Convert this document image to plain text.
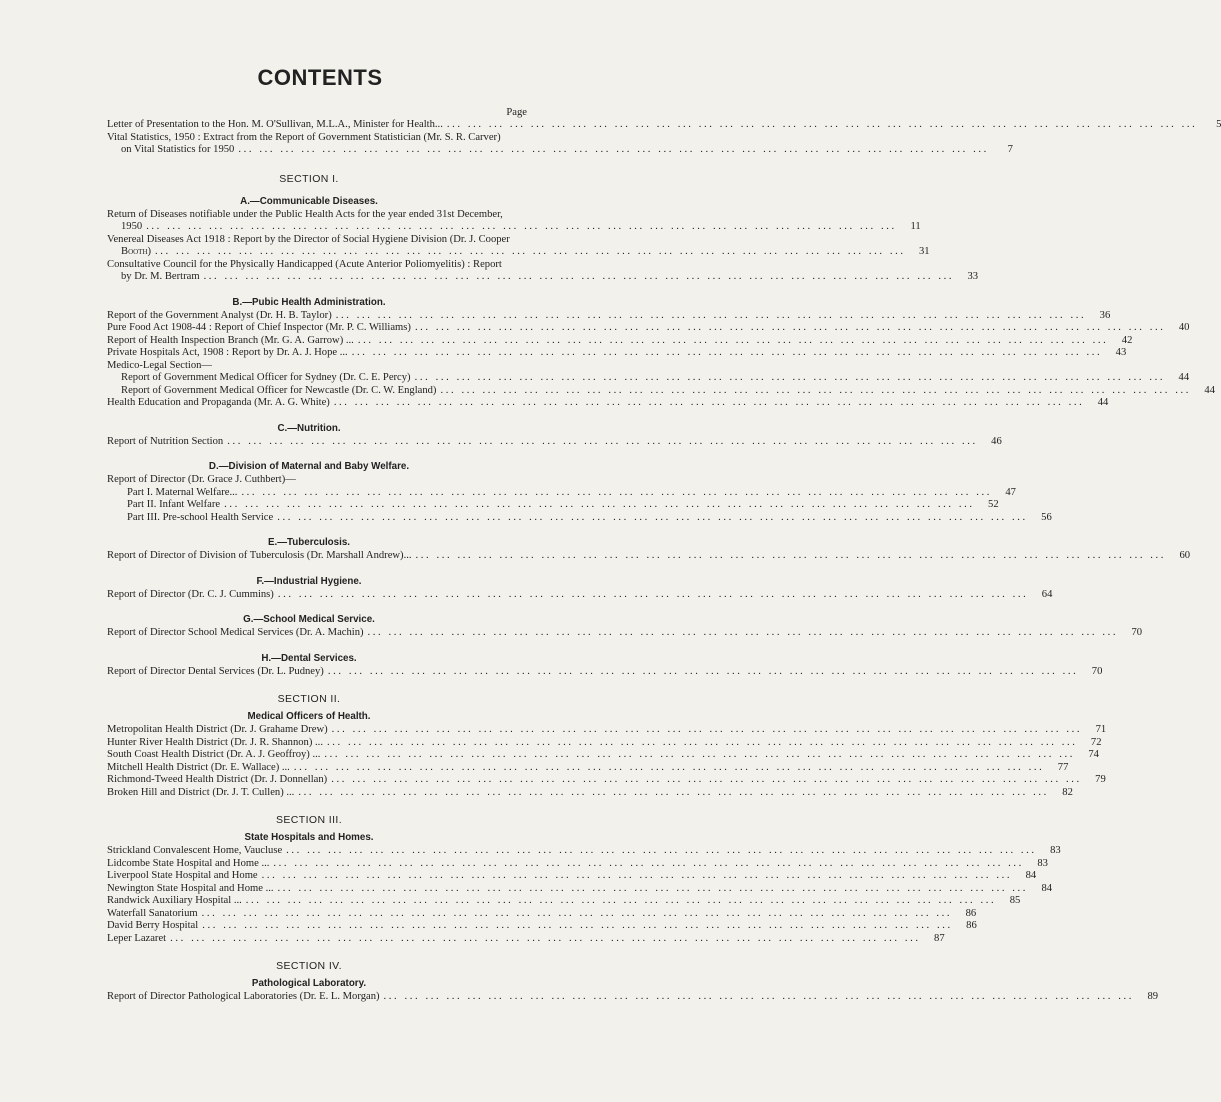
CONTENTS
Page
Letter of Presentation to the Hon. M. O'Sullivan, M.L.A., Minister for Health... ... .	5
Vital Statistics, 1950 : Extract from the Report of Government Statistician (Mr. S. R. Carver)
on Vital Statistics for 1950 ... .	7
SECTION I.
A.—Communicable Diseases.
Return of Diseases notifiable under the Public Health Acts for the year ended 31st December,
1950 ... .	11
Venereal Diseases Act 1918 : Report by the Director of Social Hygiene Division (Dr. J. Cooper
Booth) ... .	31
Consultative Council for the Physically Handicapped (Acute Anterior Poliomyelitis) : Report
by Dr. M. Bertram ... .	33
B.—Pubic Health Administration.
Report of the Government Analyst (Dr. H. B. Taylor) ... .	36
Pure Food Act 1908-44 : Report of Chief Inspector (Mr. P. C. Williams) ... .	40
Report of Health Inspection Branch (Mr. G. A. Garrow) ... ... .	42
Private Hospitals Act, 1908 : Report by Dr. A. J. Hope ... ... .	43
Medico-Legal Section—
Report of Government Medical Officer for Sydney (Dr. C. E. Percy) ... .	44
Report of Government Medical Officer for Newcastle (Dr. C. W. England) ... .	44
Health Education and Propaganda (Mr. A. G. White) ... .	44
C.—Nutrition.
Report of Nutrition Section ... .	46
D.—Division of Maternal and Baby Welfare.
Report of Director (Dr. Grace J. Cuthbert)—
Part I. Maternal Welfare... ... .	47
Part II. Infant Welfare ... .	52
Part III. Pre-school Health Service ... .	56
E.—Tuberculosis.
Report of Director of Division of Tuberculosis (Dr. Marshall Andrew)... ... .	60
F.—Industrial Hygiene.
Report of Director (Dr. C. J. Cummins) ... .	64
G.—School Medical Service.
Report of Director School Medical Services (Dr. A. Machin) ... .	70
H.—Dental Services.
Report of Director Dental Services (Dr. L. Pudney) ... .	70
SECTION II.
Medical Officers of Health.
Metropolitan Health District (Dr. J. Grahame Drew) ... .	71
Hunter River Health District (Dr. J. R. Shannon) ... ... .	72
South Coast Health District (Dr. A. J. Geoffroy) ... ... .	74
Mitchell Health District (Dr. E. Wallace) ... ... .	77
Richmond-Tweed Health District (Dr. J. Donnellan) ... .	79
Broken Hill and District (Dr. J. T. Cullen) ... ... .	82
SECTION III.
State Hospitals and Homes.
Strickland Convalescent Home, Vaucluse ... .	83
Lidcombe State Hospital and Home ... ... .	83
Liverpool State Hospital and Home ... .	84
Newington State Hospital and Home ... ... .	84
Randwick Auxiliary Hospital ... ... .	85
Waterfall Sanatorium ... .	86
David Berry Hospital ... .	86
Leper Lazaret ... .	87
SECTION IV.
Pathological Laboratory.
Report of Director Pathological Laboratories (Dr. E. L. Morgan) ... .	89
